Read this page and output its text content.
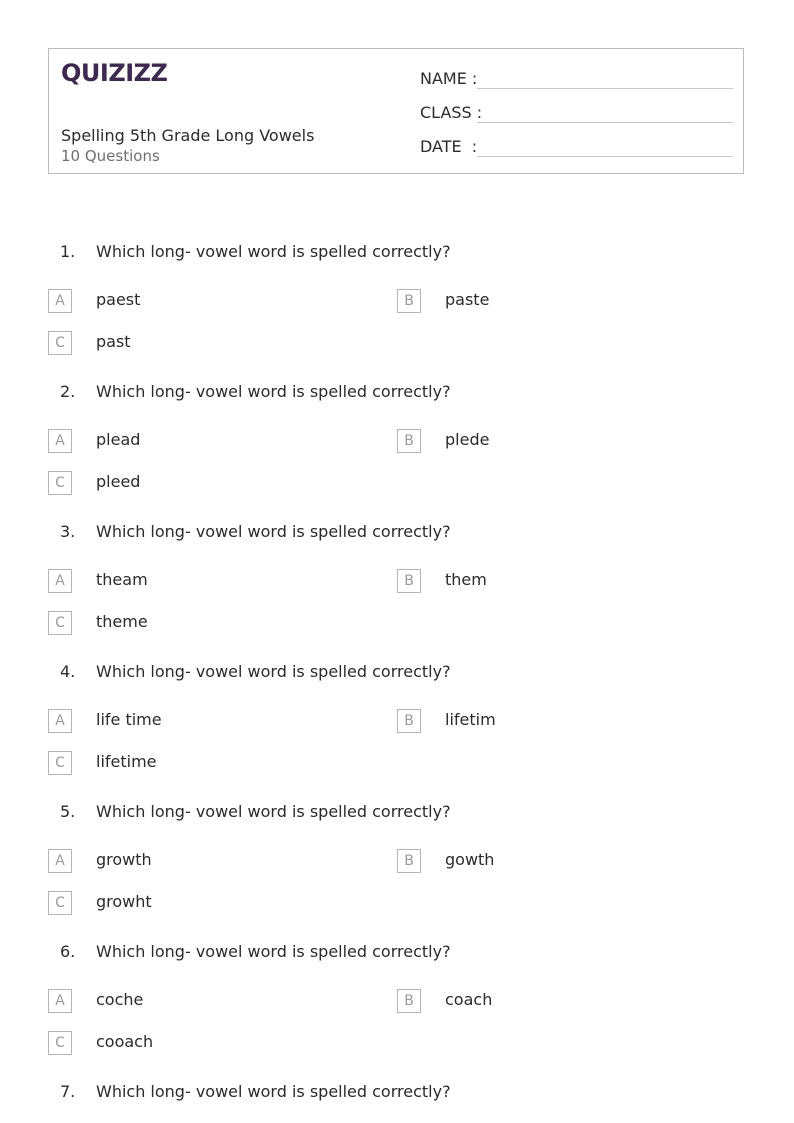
QUIZIZZ
Spelling 5th Grade Long Vowels
10 Questions
NAME :
CLASS :
DATE  :
1. Which long- vowel word is spelled correctly?
A	paest	B	paste
C	past
2. Which long- vowel word is spelled correctly?
A	plead	B	plede
C	pleed
3. Which long- vowel word is spelled correctly?
A	theam	B	them
C	theme
4. Which long- vowel word is spelled correctly?
A	life time	B	lifetim
C	lifetime
5. Which long- vowel word is spelled correctly?
A	growth	B	gowth
C	growht
6. Which long- vowel word is spelled correctly?
A	coche	B	coach
C	cooach
7. Which long- vowel word is spelled correctly?
